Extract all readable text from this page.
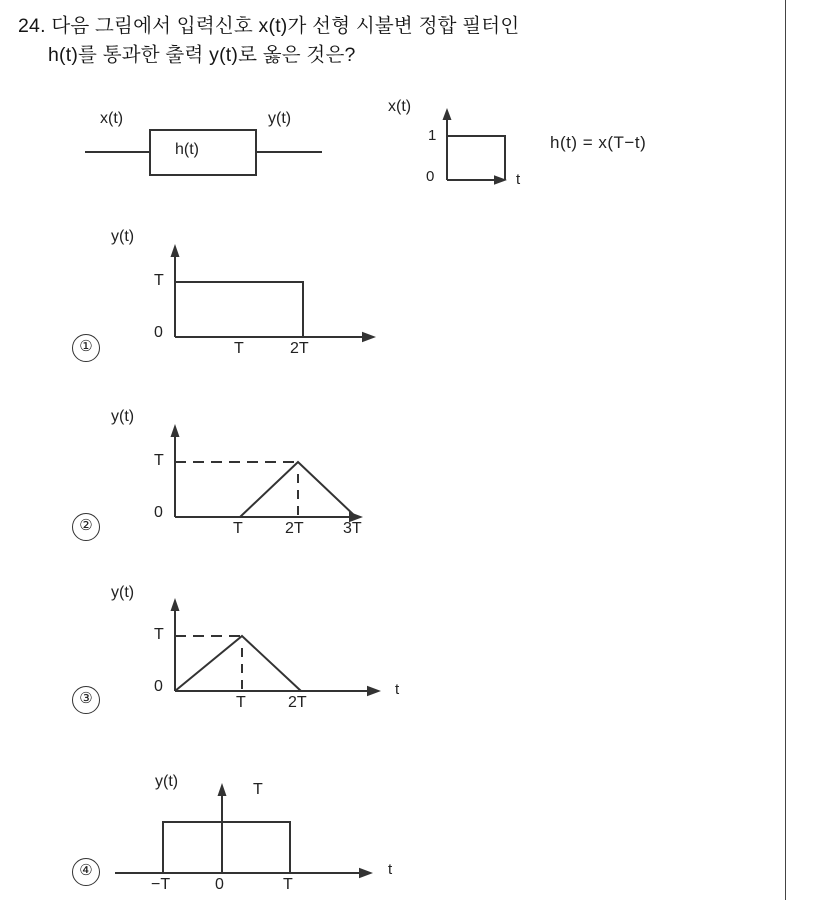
24. 다음 그림에서 입력신호 x(t)가 선형 시불변 정합 필터인
h(t)를 통과한 출력 y(t)로 옳은 것은?
x(t)
h(t)
y(t)
x(t)
1
0	t
h(t) = x(T−t)
①
y(t)
T
0
T	2T
②
y(t)
T
0
T	2T 3T
③
y(t)
T
0
T	2T
t
④
y(t)	T
−T	0	T
t
